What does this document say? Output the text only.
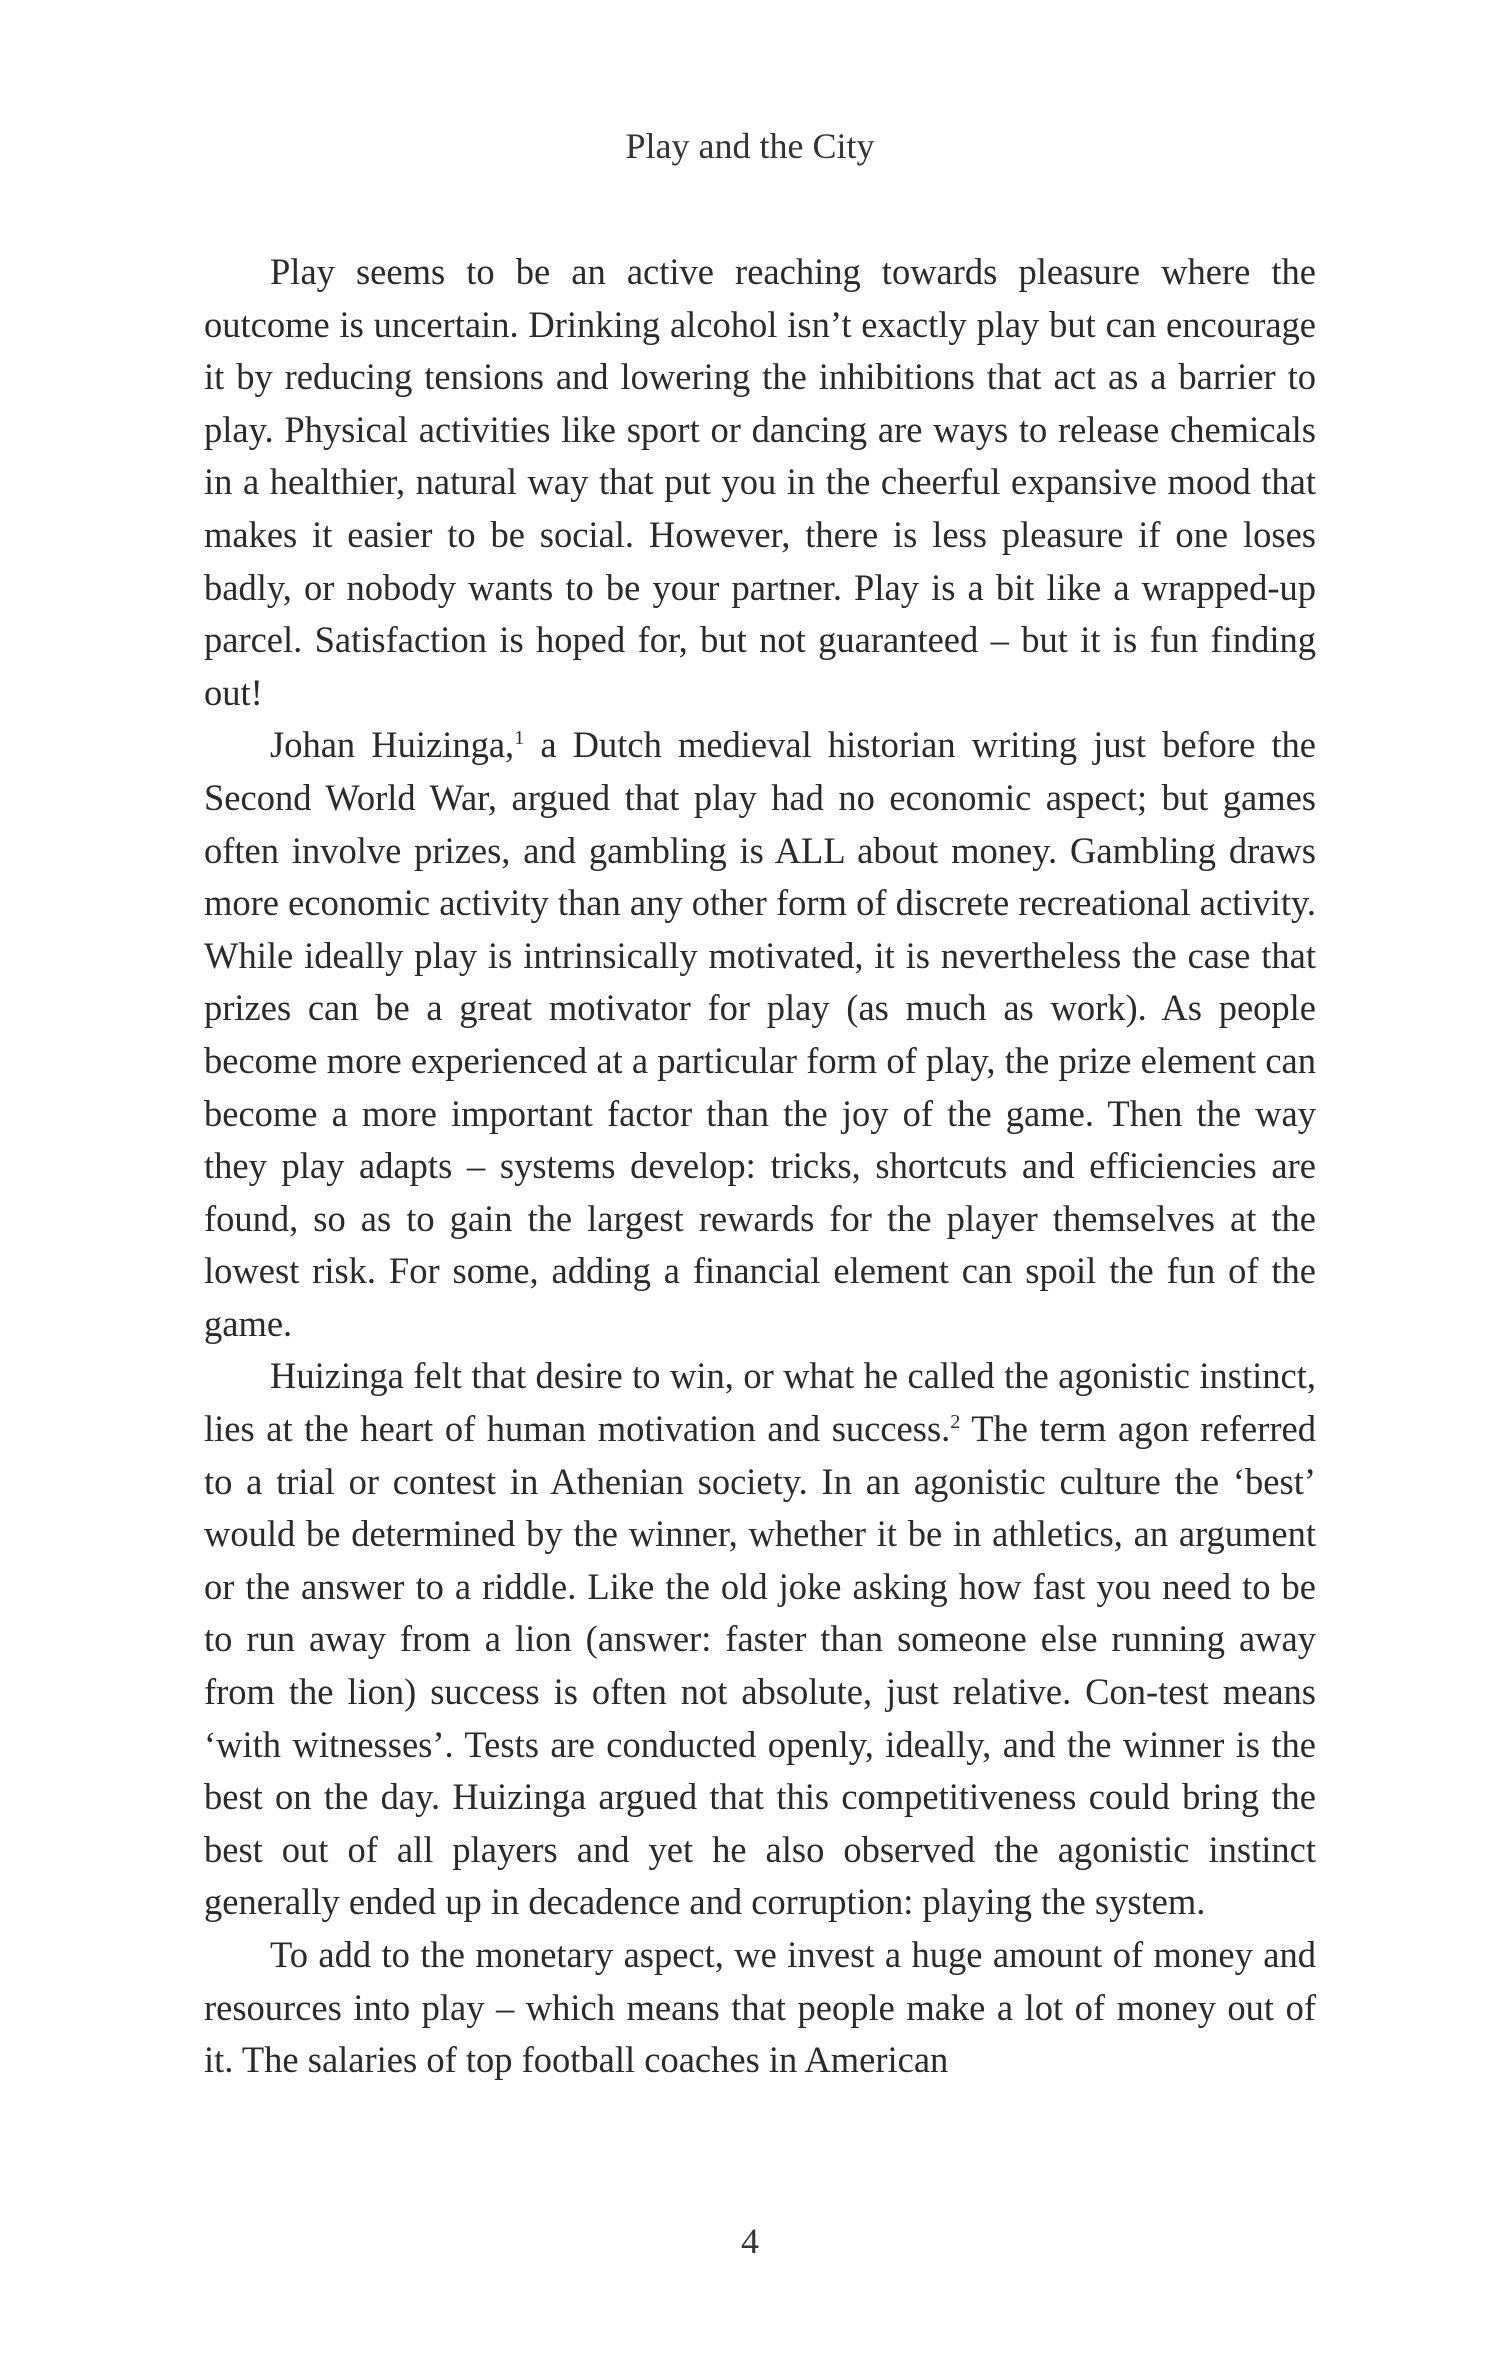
Play and the City

Play seems to be an active reaching towards pleasure where the outcome is uncertain. Drinking alcohol isn’t exactly play but can encourage it by reducing tensions and lowering the inhibitions that act as a barrier to play. Physical activities like sport or dancing are ways to release chemicals in a healthier, natural way that put you in the cheerful expansive mood that makes it easier to be social. However, there is less pleasure if one loses badly, or nobody wants to be your partner. Play is a bit like a wrapped-up parcel. Satisfaction is hoped for, but not guaranteed – but it is fun finding out!

Johan Huizinga,$^1$ a Dutch medieval historian writing just before the Second World War, argued that play had no economic aspect; but games often involve prizes, and gambling is ALL about money. Gambling draws more economic activity than any other form of discrete recreational activity. While ideally play is intrinsically motivated, it is nevertheless the case that prizes can be a great motivator for play (as much as work). As people become more experienced at a particular form of play, the prize element can become a more important factor than the joy of the game. Then the way they play adapts – systems develop: tricks, shortcuts and efficiencies are found, so as to gain the largest rewards for the player themselves at the lowest risk. For some, adding a financial element can spoil the fun of the game.

Huizinga felt that desire to win, or what he called the agonistic instinct, lies at the heart of human motivation and success.$^2$ The term agon referred to a trial or contest in Athenian society. In an agonistic culture the ‘best’ would be determined by the winner, whether it be in athletics, an argument or the answer to a riddle. Like the old joke asking how fast you need to be to run away from a lion (answer: faster than someone else running away from the lion) success is often not absolute, just relative. Con-test means ‘with witnesses’. Tests are conducted openly, ideally, and the winner is the best on the day. Huizinga argued that this competitiveness could bring the best out of all players and yet he also observed the agonistic instinct generally ended up in decadence and corruption: playing the system.

To add to the monetary aspect, we invest a huge amount of money and resources into play – which means that people make a lot of money out of it. The salaries of top football coaches in American

4
